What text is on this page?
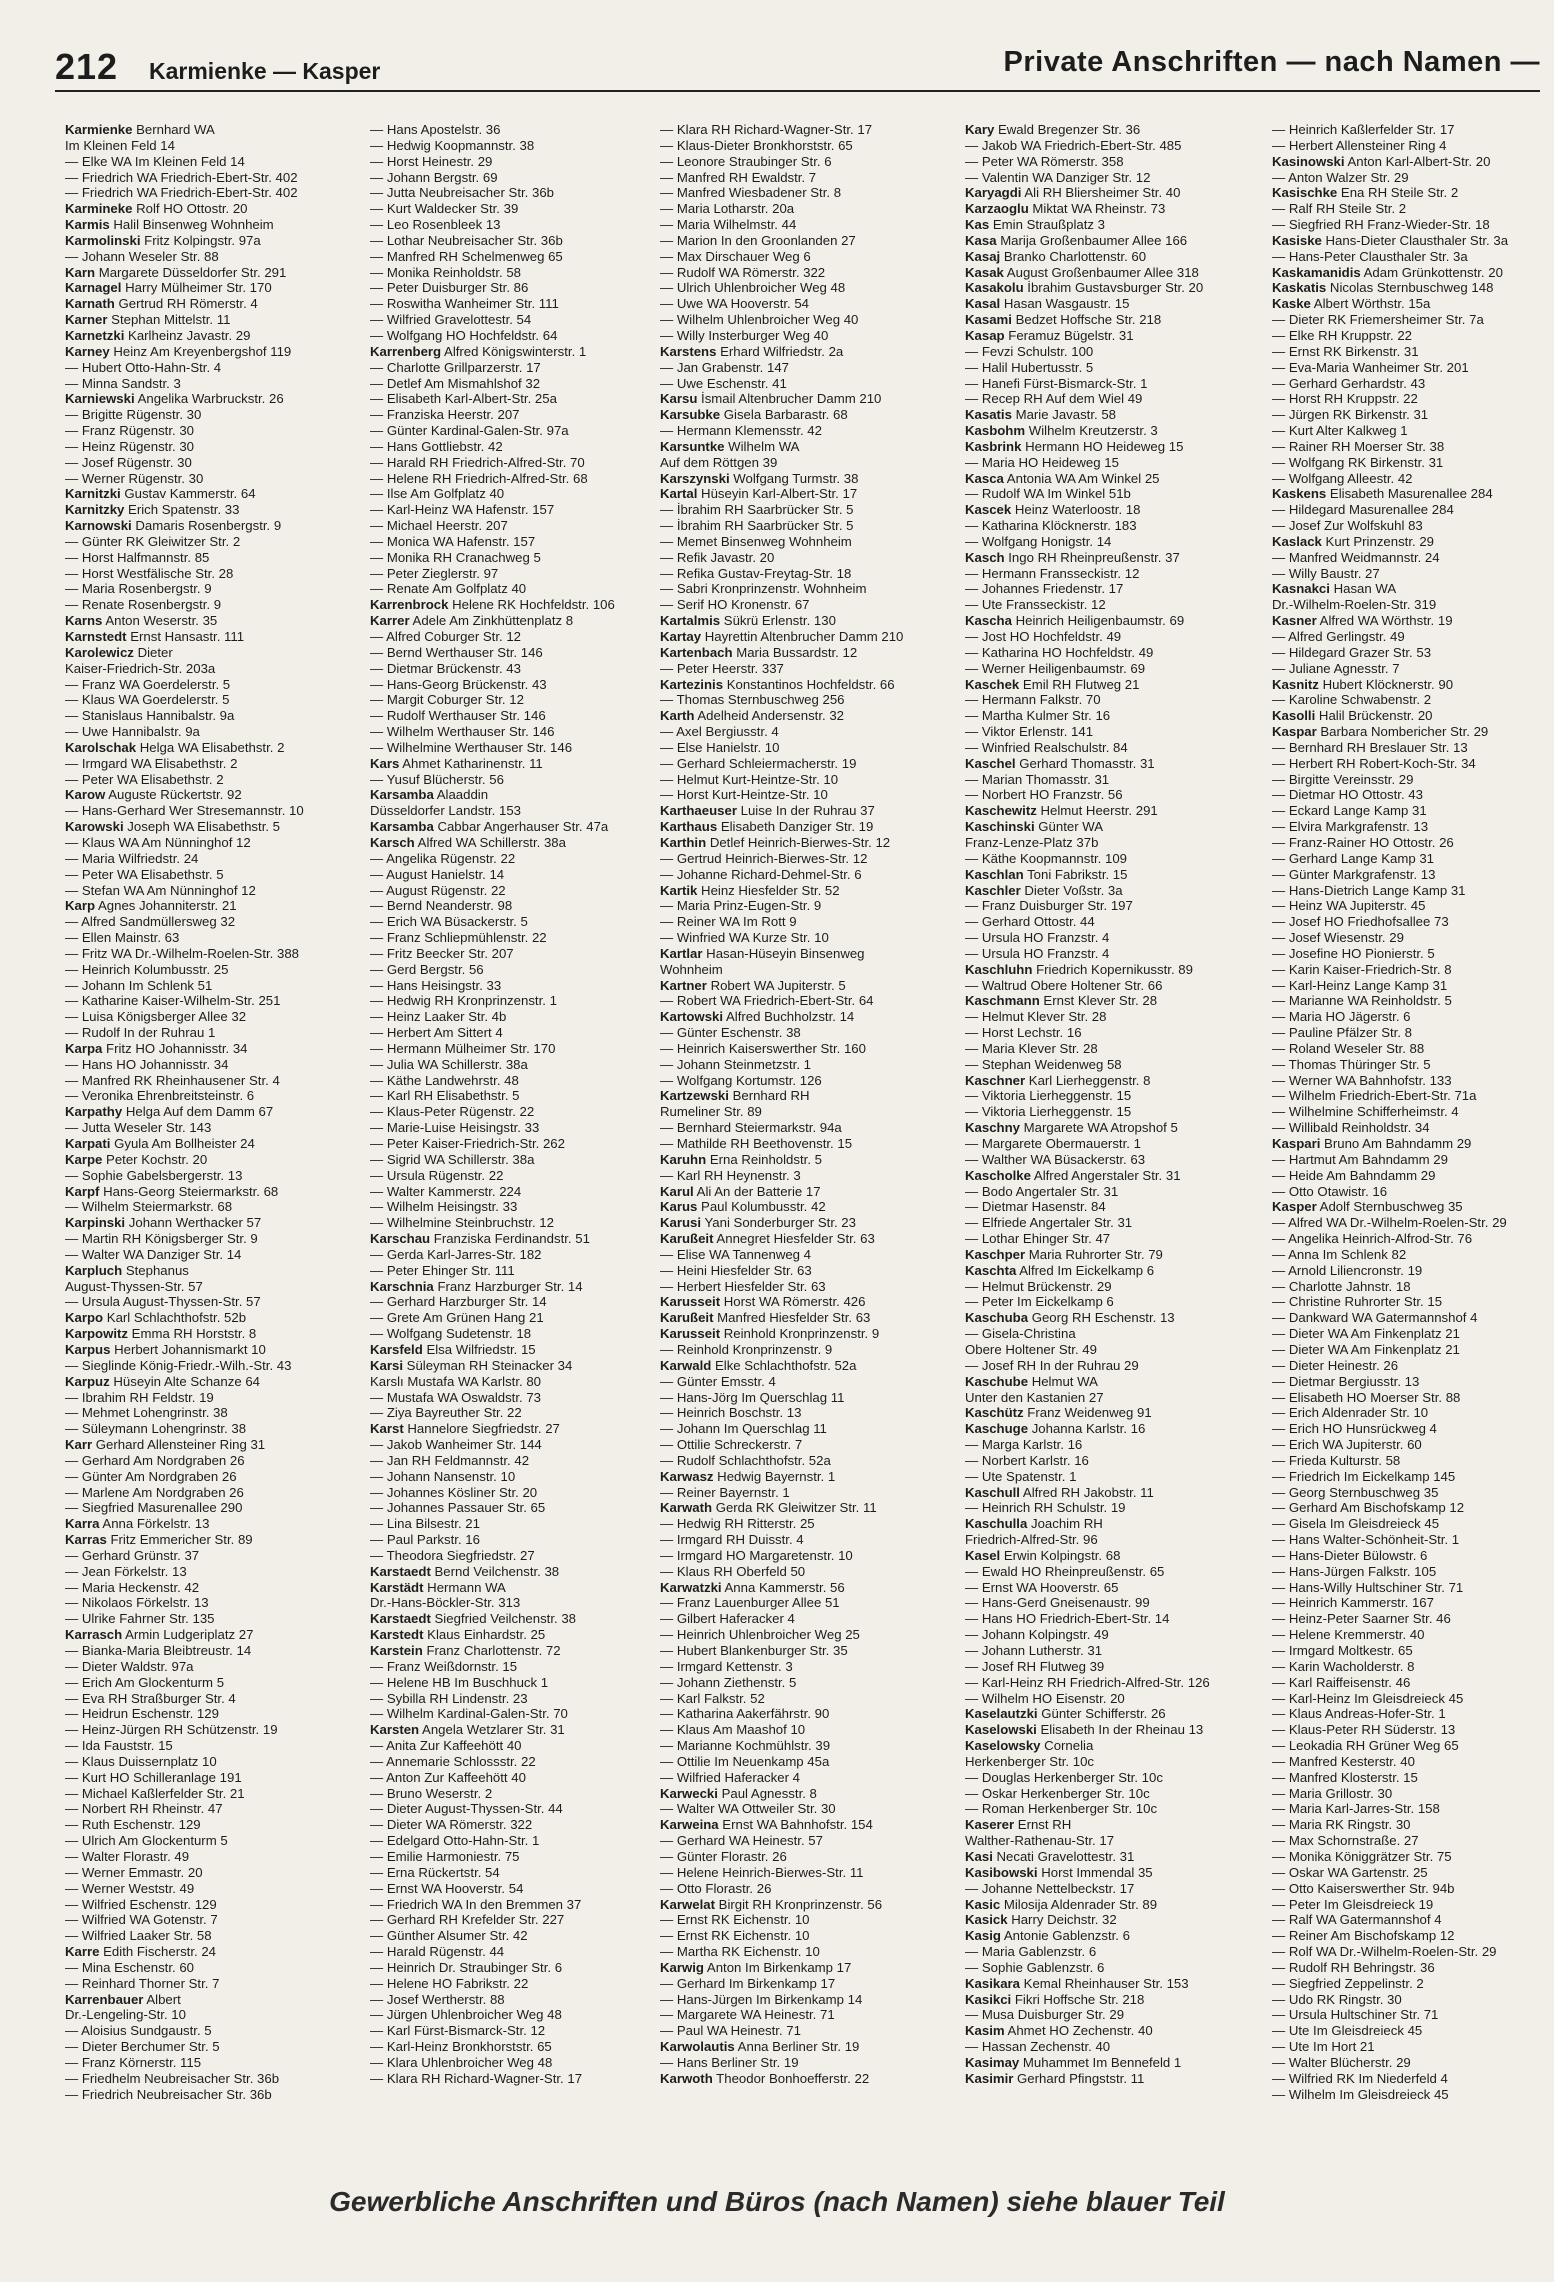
212 Karmienke — Kasper	Private Anschriften — nach Namen —
Karmienke Bernhard WA
Im Kleinen Feld 14
— Elke WA Im Kleinen Feld 14
— Friedrich WA Friedrich-Ebert-Str. 402
— Friedrich WA Friedrich-Ebert-Str. 402
Karmineke Rolf HO Ottostr. 20
Karmis Halil Binsenweg Wohnheim
Karmolinski Fritz Kolpingstr. 97a
— Johann Weseler Str. 88
Karn Margarete Düsseldorfer Str. 291
Karnagel Harry Mülheimer Str. 170
Karnath Gertrud RH Römerstr. 4
Karner Stephan Mittelstr. 11
Karnetzki Karlheinz Javastr. 29
Karney Heinz Am Kreyenbergshof 119
— Hubert Otto-Hahn-Str. 4
— Minna Sandstr. 3
Karniewski Angelika Warbruckstr. 26
— Brigitte Rügenstr. 30
— Franz Rügenstr. 30
— Heinz Rügenstr. 30
— Josef Rügenstr. 30
— Werner Rügenstr. 30
Karnitzki Gustav Kammerstr. 64
Karnitzky Erich Spatenstr. 33
Karnowski Damaris Rosenbergstr. 9
— Günter RK Gleiwitzer Str. 2
— Horst Halfmannstr. 85
— Horst Westfälische Str. 28
— Maria Rosenbergstr. 9
— Renate Rosenbergstr. 9
Karns Anton Weserstr. 35
Karnstedt Ernst Hansastr. 111
Karolewicz Dieter
Kaiser-Friedrich-Str. 203a
— Franz WA Goerdelerstr. 5
— Klaus WA Goerdelerstr. 5
— Stanislaus Hannibalstr. 9a
— Uwe Hannibalstr. 9a
Karolschak Helga WA Elisabethstr. 2
— Irmgard WA Elisabethstr. 2
— Peter WA Elisabethstr. 2
Karow Auguste Rückertstr. 92
— Hans-Gerhard Wer Stresemannstr. 10
Karowski Joseph WA Elisabethstr. 5
— Klaus WA Am Nünninghof 12
— Maria Wilfriedstr. 24
— Peter WA Elisabethstr. 5
— Stefan WA Am Nünninghof 12
Karp Agnes Johanniterstr. 21
— Alfred Sandmüllersweg 32
— Ellen Mainstr. 63
— Fritz WA Dr.-Wilhelm-Roelen-Str. 388
— Heinrich Kolumbusstr. 25
— Johann Im Schlenk 51
— Katharine Kaiser-Wilhelm-Str. 251
— Luisa Königsberger Allee 32
— Rudolf In der Ruhrau 1
Karpa Fritz HO Johannisstr. 34
— Hans HO Johannisstr. 34
— Manfred RK Rheinhausener Str. 4
— Veronika Ehrenbreitsteinstr. 6
Karpathy Helga Auf dem Damm 67
— Jutta Weseler Str. 143
Karpati Gyula Am Bollheister 24
Karpe Peter Kochstr. 20
— Sophie Gabelsbergerstr. 13
Karpf Hans-Georg Steiermarkstr. 68
— Wilhelm Steiermarkstr. 68
Karpinski Johann Werthacker 57
— Martin RH Königsberger Str. 9
— Walter WA Danziger Str. 14
Karpluch Stephanus
August-Thyssen-Str. 57
— Ursula August-Thyssen-Str. 57
Karpo Karl Schlachthofstr. 52b
Karpowitz Emma RH Horststr. 8
Karpus Herbert Johannismarkt 10
— Sieglinde König-Friedr.-Wilh.-Str. 43
Karpuz Hüseyin Alte Schanze 64
— Ibrahim RH Feldstr. 19
— Mehmet Lohengrinstr. 38
— Süleymann Lohengrinstr. 38
Karr Gerhard Allensteiner Ring 31
— Gerhard Am Nordgraben 26
— Günter Am Nordgraben 26
— Marlene Am Nordgraben 26
— Siegfried Masurenallee 290
Karra Anna Förkelstr. 13
Karras Fritz Emmericher Str. 89
— Gerhard Grünstr. 37
— Jean Förkelstr. 13
— Maria Heckenstr. 42
— Nikolaos Förkelstr. 13
— Ulrike Fahrner Str. 135
Karrasch Armin Ludgeriplatz 27
— Bianka-Maria Bleibtreustr. 14
— Dieter Waldstr. 97a
— Erich Am Glockenturm 5
— Eva RH Straßburger Str. 4
— Heidrun Eschenstr. 129
— Heinz-Jürgen RH Schützenstr. 19
— Ida Fauststr. 15
— Klaus Duissernplatz 10
— Kurt HO Schilleranlage 191
— Michael Kaßlerfelder Str. 21
— Norbert RH Rheinstr. 47
— Ruth Eschenstr. 129
— Ulrich Am Glockenturm 5
— Walter Florastr. 49
— Werner Emmastr. 20
— Werner Weststr. 49
— Wilfried Eschenstr. 129
— Wilfried WA Gotenstr. 7
— Wilfried Laaker Str. 58
Karre Edith Fischerstr. 24
— Mina Eschenstr. 60
— Reinhard Thorner Str. 7
Karrenbauer Albert
Dr.-Lengeling-Str. 10
— Aloisius Sundgaustr. 5
— Dieter Berchumer Str. 5
— Franz Körnerstr. 115
— Friedhelm Neubreisacher Str. 36b
— Friedrich Neubreisacher Str. 36b
— Hans Apostelstr. 36
— Hedwig Koopmannstr. 38
— Horst Heinestr. 29
— Johann Bergstr. 69
— Jutta Neubreisacher Str. 36b
— Kurt Waldecker Str. 39
— Leo Rosenbleek 13
— Lothar Neubreisacher Str. 36b
— Manfred RH Schelmenweg 65
— Monika Reinholdstr. 58
— Peter Duisburger Str. 86
— Roswitha Wanheimer Str. 111
— Wilfried Gravelottestr. 54
— Wolfgang HO Hochfeldstr. 64
Karrenberg Alfred Königswinterstr. 1
— Charlotte Grillparzerstr. 17
— Detlef Am Mismahlshof 32
— Elisabeth Karl-Albert-Str. 25a
— Franziska Heerstr. 207
— Günter Kardinal-Galen-Str. 97a
— Hans Gottliebstr. 42
— Harald RH Friedrich-Alfred-Str. 70
— Helene RH Friedrich-Alfred-Str. 68
— Ilse Am Golfplatz 40
— Karl-Heinz WA Hafenstr. 157
— Michael Heerstr. 207
— Monica WA Hafenstr. 157
— Monika RH Cranachweg 5
— Peter Zieglerstr. 97
— Renate Am Golfplatz 40
Karrenbrock Helene RK Hochfeldstr. 106
Karrer Adele Am Zinkhüttenplatz 8
— Alfred Coburger Str. 12
— Bernd Werthauser Str. 146
— Dietmar Brückenstr. 43
— Hans-Georg Brückenstr. 43
— Margit Coburger Str. 12
— Rudolf Werthauser Str. 146
— Wilhelm Werthauser Str. 146
— Wilhelmine Werthauser Str. 146
Kars Ahmet Katharinenstr. 11
— Yusuf Blücherstr. 56
Karsamba Alaaddin
Düsseldorfer Landstr. 153
Karsamba Cabbar Angerhauser Str. 47a
Karsch Alfred WA Schillerstr. 38a
— Angelika Rügenstr. 22
— August Hanielstr. 14
— August Rügenstr. 22
— Bernd Neanderstr. 98
— Erich WA Büsackerstr. 5
— Franz Schliepmühlenstr. 22
— Fritz Beecker Str. 207
— Gerd Bergstr. 56
— Hans Heisingstr. 33
— Hedwig RH Kronprinzenstr. 1
— Heinz Laaker Str. 4b
— Herbert Am Sittert 4
— Hermann Mülheimer Str. 170
— Julia WA Schillerstr. 38a
— Käthe Landwehrstr. 48
— Karl RH Elisabethstr. 5
— Klaus-Peter Rügenstr. 22
— Marie-Luise Heisingstr. 33
— Peter Kaiser-Friedrich-Str. 262
— Sigrid WA Schillerstr. 38a
— Ursula Rügenstr. 22
— Walter Kammerstr. 224
— Wilhelm Heisingstr. 33
— Wilhelmine Steinbruchstr. 12
Karschau Franziska Ferdinandstr. 51
— Gerda Karl-Jarres-Str. 182
— Peter Ehinger Str. 111
Karschnia Franz Harzburger Str. 14
— Gerhard Harzburger Str. 14
— Grete Am Grünen Hang 21
— Wolfgang Sudetenstr. 18
Karsfeld Elsa Wilfriedstr. 15
Karsi Süleyman RH Steinacker 34
Karslı Mustafa WA Karlstr. 80
— Mustafa WA Oswaldstr. 73
— Ziya Bayreuther Str. 22
Karst Hannelore Siegfriedstr. 27
— Jakob Wanheimer Str. 144
— Jan RH Feldmannstr. 42
— Johann Nansenstr. 10
— Johannes Kösliner Str. 20
— Johannes Passauer Str. 65
— Lina Bilsestr. 21
— Paul Parkstr. 16
— Theodora Siegfriedstr. 27
Karstaedt Bernd Veilchenstr. 38
Karstädt Hermann WA
Dr.-Hans-Böckler-Str. 313
Karstaedt Siegfried Veilchenstr. 38
Karstedt Klaus Einhardstr. 25
Karstein Franz Charlottenstr. 72
— Franz Weißdornstr. 15
— Helene HB Im Buschhuck 1
— Sybilla RH Lindenstr. 23
— Wilhelm Kardinal-Galen-Str. 70
Karsten Angela Wetzlarer Str. 31
— Anita Zur Kaffeehött 40
— Annemarie Schlossstr. 22
— Anton Zur Kaffeehött 40
— Bruno Weserstr. 2
— Dieter August-Thyssen-Str. 44
— Dieter WA Römerstr. 322
— Edelgard Otto-Hahn-Str. 1
— Emilie Harmoniestr. 75
— Erna Rückertstr. 54
— Ernst WA Hooverstr. 54
— Friedrich WA In den Bremmen 37
— Gerhard RH Krefelder Str. 227
— Günther Alsumer Str. 42
— Harald Rügenstr. 44
— Heinrich Dr. Straubinger Str. 6
— Helene HO Fabrikstr. 22
— Josef Wertherstr. 88
— Jürgen Uhlenbroicher Weg 48
— Karl Fürst-Bismarck-Str. 12
— Karl-Heinz Bronkhorststr. 65
— Klara Uhlenbroicher Weg 48
— Klara RH Richard-Wagner-Str. 17
— Klara RH Richard-Wagner-Str. 17
— Klaus-Dieter Bronkhorststr. 65
— Leonore Straubinger Str. 6
— Manfred RH Ewaldstr. 7
— Manfred Wiesbadener Str. 8
— Maria Lotharstr. 20a
— Maria Wilhelmstr. 44
— Marion In den Groonlanden 27
— Max Dirschauer Weg 6
— Rudolf WA Römerstr. 322
— Ulrich Uhlenbroicher Weg 48
— Uwe WA Hooverstr. 54
— Wilhelm Uhlenbroicher Weg 40
— Willy Insterburger Weg 40
Karstens Erhard Wilfriedstr. 2a
— Jan Grabenstr. 147
— Uwe Eschenstr. 41
Karsu İsmail Altenbrucher Damm 210
Karsubke Gisela Barbarastr. 68
— Hermann Klemensstr. 42
Karsuntke Wilhelm WA
Auf dem Röttgen 39
Karszynski Wolfgang Turmstr. 38
Kartal Hüseyin Karl-Albert-Str. 17
— İbrahim RH Saarbrücker Str. 5
— İbrahim RH Saarbrücker Str. 5
— Memet Binsenweg Wohnheim
— Refik Javastr. 20
— Refika Gustav-Freytag-Str. 18
— Sabri Kronprinzenstr. Wohnheim
— Serif HO Kronenstr. 67
Kartalmis Sükrü Erlenstr. 130
Kartay Hayrettin Altenbrucher Damm 210
Kartenbach Maria Bussardstr. 12
— Peter Heerstr. 337
Kartezinis Konstantinos Hochfeldstr. 66
— Thomas Sternbuschweg 256
Karth Adelheid Andersenstr. 32
— Axel Bergiusstr. 4
— Else Hanielstr. 10
— Gerhard Schleiermacherstr. 19
— Helmut Kurt-Heintze-Str. 10
— Horst Kurt-Heintze-Str. 10
Karthaeuser Luise In der Ruhrau 37
Karthaus Elisabeth Danziger Str. 19
Karthin Detlef Heinrich-Bierwes-Str. 12
— Gertrud Heinrich-Bierwes-Str. 12
— Johanne Richard-Dehmel-Str. 6
Kartik Heinz Hiesfelder Str. 52
— Maria Prinz-Eugen-Str. 9
— Reiner WA Im Rott 9
— Winfried WA Kurze Str. 10
Kartlar Hasan-Hüseyin Binsenweg
Wohnheim
Kartner Robert WA Jupiterstr. 5
— Robert WA Friedrich-Ebert-Str. 64
Kartowski Alfred Buchholzstr. 14
— Günter Eschenstr. 38
— Heinrich Kaiserswerther Str. 160
— Johann Steinmetzstr. 1
— Wolfgang Kortumstr. 126
Kartzewski Bernhard RH
Rumeliner Str. 89
— Bernhard Steiermarkstr. 94a
— Mathilde RH Beethovenstr. 15
Karuhn Erna Reinholdstr. 5
— Karl RH Heynenstr. 3
Karul Ali An der Batterie 17
Karus Paul Kolumbusstr. 42
Karusi Yani Sonderburger Str. 23
Karußeit Annegret Hiesfelder Str. 63
— Elise WA Tannenweg 4
— Heini Hiesfelder Str. 63
— Herbert Hiesfelder Str. 63
Karusseit Horst WA Römerstr. 426
Karußeit Manfred Hiesfelder Str. 63
Karusseit Reinhold Kronprinzenstr. 9
— Reinhold Kronprinzenstr. 9
Karwald Elke Schlachthofstr. 52a
— Günter Emsstr. 4
— Hans-Jörg Im Querschlag 11
— Heinrich Boschstr. 13
— Johann Im Querschlag 11
— Ottilie Schreckerstr. 7
— Rudolf Schlachthofstr. 52a
Karwasz Hedwig Bayernstr. 1
— Reiner Bayernstr. 1
Karwath Gerda RK Gleiwitzer Str. 11
— Hedwig RH Ritterstr. 25
— Irmgard RH Duisstr. 4
— Irmgard HO Margaretenstr. 10
— Klaus RH Oberfeld 50
Karwatzki Anna Kammerstr. 56
— Franz Lauenburger Allee 51
— Gilbert Haferacker 4
— Heinrich Uhlenbroicher Weg 25
— Hubert Blankenburger Str. 35
— Irmgard Kettenstr. 3
— Johann Ziethenstr. 5
— Karl Falkstr. 52
— Katharina Aakerfährstr. 90
— Klaus Am Maashof 10
— Marianne Kochmühlstr. 39
— Ottilie Im Neuenkamp 45a
— Wilfried Haferacker 4
Karwecki Paul Agnesstr. 8
— Walter WA Ottweiler Str. 30
Karweina Ernst WA Bahnhofstr. 154
— Gerhard WA Heinestr. 57
— Günter Florastr. 26
— Helene Heinrich-Bierwes-Str. 11
— Otto Florastr. 26
Karwelat Birgit RH Kronprinzenstr. 56
— Ernst RK Eichenstr. 10
— Ernst RK Eichenstr. 10
— Martha RK Eichenstr. 10
Karwig Anton Im Birkenkamp 17
— Gerhard Im Birkenkamp 17
— Hans-Jürgen Im Birkenkamp 14
— Margarete WA Heinestr. 71
— Paul WA Heinestr. 71
Karwolautis Anna Berliner Str. 19
— Hans Berliner Str. 19
Karwoth Theodor Bonhoefferstr. 22
Kary Ewald Bregenzer Str. 36
— Jakob WA Friedrich-Ebert-Str. 485
— Peter WA Römerstr. 358
— Valentin WA Danziger Str. 12
Karyagdi Ali RH Bliersheimer Str. 40
Karzaoglu Miktat WA Rheinstr. 73
Kas Emin Straußplatz 3
Kasa Marija Großenbaumer Allee 166
Kasaj Branko Charlottenstr. 60
Kasak August Großenbaumer Allee 318
Kasakolu İbrahim Gustavsburger Str. 20
Kasal Hasan Wasgaustr. 15
Kasami Bedzet Hoffsche Str. 218
Kasap Feramuz Bügelstr. 31
— Fevzi Schulstr. 100
— Halil Hubertusstr. 5
— Hanefi Fürst-Bismarck-Str. 1
— Recep RH Auf dem Wiel 49
Kasatis Marie Javastr. 58
Kasbohm Wilhelm Kreutzerstr. 3
Kasbrink Hermann HO Heideweg 15
— Maria HO Heideweg 15
Kasca Antonia WA Am Winkel 25
— Rudolf WA Im Winkel 51b
Kascek Heinz Waterloostr. 18
— Katharina Klöcknerstr. 183
— Wolfgang Honigstr. 14
Kasch Ingo RH Rheinpreußenstr. 37
— Hermann Fransseckistr. 12
— Johannes Friedenstr. 17
— Ute Fransseckistr. 12
Kascha Heinrich Heiligenbaumstr. 69
— Jost HO Hochfeldstr. 49
— Katharina HO Hochfeldstr. 49
— Werner Heiligenbaumstr. 69
Kaschek Emil RH Flutweg 21
— Hermann Falkstr. 70
— Martha Kulmer Str. 16
— Viktor Erlenstr. 141
— Winfried Realschulstr. 84
Kaschel Gerhard Thomasstr. 31
— Marian Thomasstr. 31
— Norbert HO Franzstr. 56
Kaschewitz Helmut Heerstr. 291
Kaschinski Günter WA
Franz-Lenze-Platz 37b
— Käthe Koopmannstr. 109
Kaschlan Toni Fabrikstr. 15
Kaschler Dieter Voßstr. 3a
— Franz Duisburger Str. 197
— Gerhard Ottostr. 44
— Ursula HO Franzstr. 4
— Ursula HO Franzstr. 4
Kaschluhn Friedrich Kopernikusstr. 89
— Waltrud Obere Holtener Str. 66
Kaschmann Ernst Klever Str. 28
— Helmut Klever Str. 28
— Horst Lechstr. 16
— Maria Klever Str. 28
— Stephan Weidenweg 58
Kaschner Karl Lierheggenstr. 8
— Viktoria Lierheggenstr. 15
— Viktoria Lierheggenstr. 15
Kaschny Margarete WA Atropshof 5
— Margarete Obermauerstr. 1
— Walther WA Büsackerstr. 63
Kascholke Alfred Angerstaler Str. 31
— Bodo Angertaler Str. 31
— Dietmar Hasenstr. 84
— Elfriede Angertaler Str. 31
— Lothar Ehinger Str. 47
Kaschper Maria Ruhrorter Str. 79
Kaschta Alfred Im Eickelkamp 6
— Helmut Brückenstr. 29
— Peter Im Eickelkamp 6
Kaschuba Georg RH Eschenstr. 13
— Gisela-Christina
Obere Holtener Str. 49
— Josef RH In der Ruhrau 29
Kaschube Helmut WA
Unter den Kastanien 27
Kaschütz Franz Weidenweg 91
Kaschuge Johanna Karlstr. 16
— Marga Karlstr. 16
— Norbert Karlstr. 16
— Ute Spatenstr. 1
Kaschull Alfred RH Jakobstr. 11
— Heinrich RH Schulstr. 19
Kaschulla Joachim RH
Friedrich-Alfred-Str. 96
Kasel Erwin Kolpingstr. 68
— Ewald HO Rheinpreußenstr. 65
— Ernst WA Hooverstr. 65
— Hans-Gerd Gneisenaustr. 99
— Hans HO Friedrich-Ebert-Str. 14
— Johann Kolpingstr. 49
— Johann Lutherstr. 31
— Josef RH Flutweg 39
— Karl-Heinz RH Friedrich-Alfred-Str. 126
— Wilhelm HO Eisenstr. 20
Kaselautzki Günter Schifferstr. 26
Kaselowski Elisabeth In der Rheinau 13
Kaselowsky Cornelia
Herkenberger Str. 10c
— Douglas Herkenberger Str. 10c
— Oskar Herkenberger Str. 10c
— Roman Herkenberger Str. 10c
Kaserer Ernst RH
Walther-Rathenau-Str. 17
Kasi Necati Gravelottestr. 31
Kasibowski Horst Immendal 35
— Johanne Nettelbeckstr. 17
Kasic Milosija Aldenrader Str. 89
Kasick Harry Deichstr. 32
Kasig Antonie Gablenzstr. 6
— Maria Gablenzstr. 6
— Sophie Gablenzstr. 6
Kasikara Kemal Rheinhauser Str. 153
Kasikci Fikri Hoffsche Str. 218
— Musa Duisburger Str. 29
Kasim Ahmet HO Zechenstr. 40
— Hassan Zechenstr. 40
Kasimay Muhammet Im Bennefeld 1
Kasimir Gerhard Pfingststr. 11
— Heinrich Kaßlerfelder Str. 17
— Herbert Allensteiner Ring 4
Kasinowski Anton Karl-Albert-Str. 20
— Anton Walzer Str. 29
Kasischke Ena RH Steile Str. 2
— Ralf RH Steile Str. 2
— Siegfried RH Franz-Wieder-Str. 18
Kasiske Hans-Dieter Clausthaler Str. 3a
— Hans-Peter Clausthaler Str. 3a
Kaskamanidis Adam Grünkottenstr. 20
Kaskatis Nicolas Sternbuschweg 148
Kaske Albert Wörthstr. 15a
— Dieter RK Friemersheimer Str. 7a
— Elke RH Kruppstr. 22
— Ernst RK Birkenstr. 31
— Eva-Maria Wanheimer Str. 201
— Gerhard Gerhardstr. 43
— Horst RH Kruppstr. 22
— Jürgen RK Birkenstr. 31
— Kurt Alter Kalkweg 1
— Rainer RH Moerser Str. 38
— Wolfgang RK Birkenstr. 31
— Wolfgang Alleestr. 42
Kaskens Elisabeth Masurenallee 284
— Hildegard Masurenallee 284
— Josef Zur Wolfskuhl 83
Kaslack Kurt Prinzenstr. 29
— Manfred Weidmannstr. 24
— Willy Baustr. 27
Kasnakci Hasan WA
Dr.-Wilhelm-Roelen-Str. 319
Kasner Alfred WA Wörthstr. 19
— Alfred Gerlingstr. 49
— Hildegard Grazer Str. 53
— Juliane Agnesstr. 7
Kasnitz Hubert Klöcknerstr. 90
— Karoline Schwabenstr. 2
Kasolli Halil Brückenstr. 20
Kaspar Barbara Nombericher Str. 29
— Bernhard RH Breslauer Str. 13
— Herbert RH Robert-Koch-Str. 34
— Birgitte Vereinsstr. 29
— Dietmar HO Ottostr. 43
— Eckard Lange Kamp 31
— Elvira Markgrafenstr. 13
— Franz-Rainer HO Ottostr. 26
— Gerhard Lange Kamp 31
— Günter Markgrafenstr. 13
— Hans-Dietrich Lange Kamp 31
— Heinz WA Jupiterstr. 45
— Josef HO Friedhofsallee 73
— Josef Wiesenstr. 29
— Josefine HO Pionierstr. 5
— Karin Kaiser-Friedrich-Str. 8
— Karl-Heinz Lange Kamp 31
— Marianne WA Reinholdstr. 5
— Maria HO Jägerstr. 6
— Pauline Pfälzer Str. 8
— Roland Weseler Str. 88
— Thomas Thüringer Str. 5
— Werner WA Bahnhofstr. 133
— Wilhelm Friedrich-Ebert-Str. 71a
— Wilhelmine Schifferheimstr. 4
— Willibald Reinholdstr. 34
Kaspari Bruno Am Bahndamm 29
— Hartmut Am Bahndamm 29
— Heide Am Bahndamm 29
— Otto Otawistr. 16
Kasper Adolf Sternbuschweg 35
— Alfred WA Dr.-Wilhelm-Roelen-Str. 29
— Angelika Heinrich-Alfrod-Str. 76
— Anna Im Schlenk 82
— Arnold Liliencronstr. 19
— Charlotte Jahnstr. 18
— Christine Ruhrorter Str. 15
— Dankward WA Gatermannshof 4
— Dieter WA Am Finkenplatz 21
— Dieter WA Am Finkenplatz 21
— Dieter Heinestr. 26
— Dietmar Bergiusstr. 13
— Elisabeth HO Moerser Str. 88
— Erich Aldenrader Str. 10
— Erich HO Hunsrückweg 4
— Erich WA Jupiterstr. 60
— Frieda Kulturstr. 58
— Friedrich Im Eickelkamp 145
— Georg Sternbuschweg 35
— Gerhard Am Bischofskamp 12
— Gisela Im Gleisdreieck 45
— Hans Walter-Schönheit-Str. 1
— Hans-Dieter Bülowstr. 6
— Hans-Jürgen Falkstr. 105
— Hans-Willy Hultschiner Str. 71
— Heinrich Kammerstr. 167
— Heinz-Peter Saarner Str. 46
— Helene Kremmerstr. 40
— Irmgard Moltkestr. 65
— Karin Wacholderstr. 8
— Karl Raiffeisenstr. 46
— Karl-Heinz Im Gleisdreieck 45
— Klaus Andreas-Hofer-Str. 1
— Klaus-Peter RH Süderstr. 13
— Leokadia RH Grüner Weg 65
— Manfred Kesterstr. 40
— Manfred Klosterstr. 15
— Maria Grillostr. 30
— Maria Karl-Jarres-Str. 158
— Maria RK Ringstr. 30
— Max Schornstraße. 27
— Monika Königgrätzer Str. 75
— Oskar WA Gartenstr. 25
— Otto Kaiserswerther Str. 94b
— Peter Im Gleisdreieck 19
— Ralf WA Gatermannshof 4
— Reiner Am Bischofskamp 12
— Rolf WA Dr.-Wilhelm-Roelen-Str. 29
— Rudolf RH Behringstr. 36
— Siegfried Zeppelinstr. 2
— Udo RK Ringstr. 30
— Ursula Hultschiner Str. 71
— Ute Im Gleisdreieck 45
— Ute Im Hort 21
— Walter Blücherstr. 29
— Wilfried RK Im Niederfeld 4
— Wilhelm Im Gleisdreieck 45
Gewerbliche Anschriften und Büros (nach Namen) siehe blauer Teil
